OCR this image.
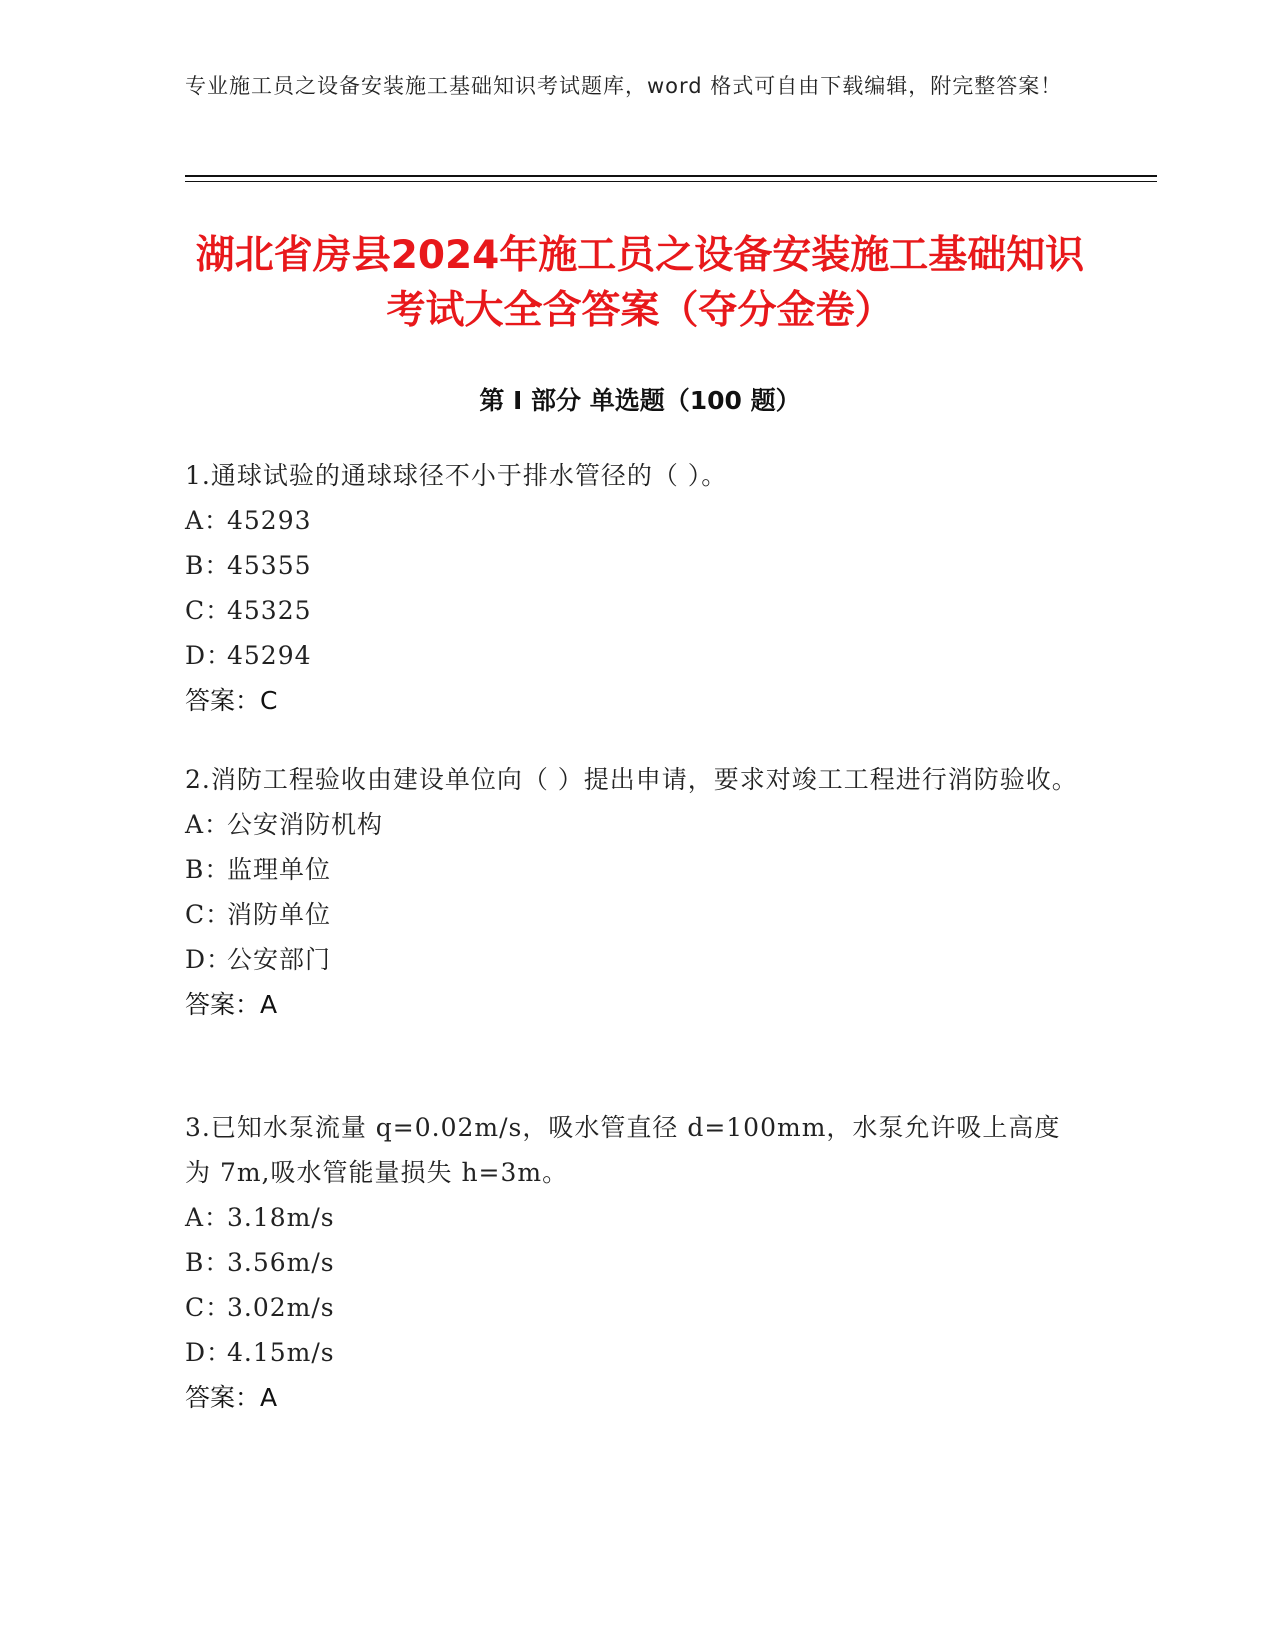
专业施工员之设备安装施工基础知识考试题库，word 格式可自由下载编辑，附完整答案！

湖北省房县2024年施工员之设备安装施工基础知识考试大全含答案（夺分金卷）
第 I 部分 单选题（100 题）

1.通球试验的通球球径不小于排水管径的（ ）。

A：45293

B：45355

C：45325

D：45294

答案：C

2.消防工程验收由建设单位向（ ）提出申请，要求对竣工工程进行消防验收。

A：公安消防机构

B：监理单位

C：消防单位

D：公安部门

答案：A

3.已知水泵流量 q=0.02m/s，吸水管直径 d=100mm，水泵允许吸上高度为 7m,吸水管能量损失 h=3m。

A：3.18m/s

B：3.56m/s

C：3.02m/s

D：4.15m/s

答案：A
